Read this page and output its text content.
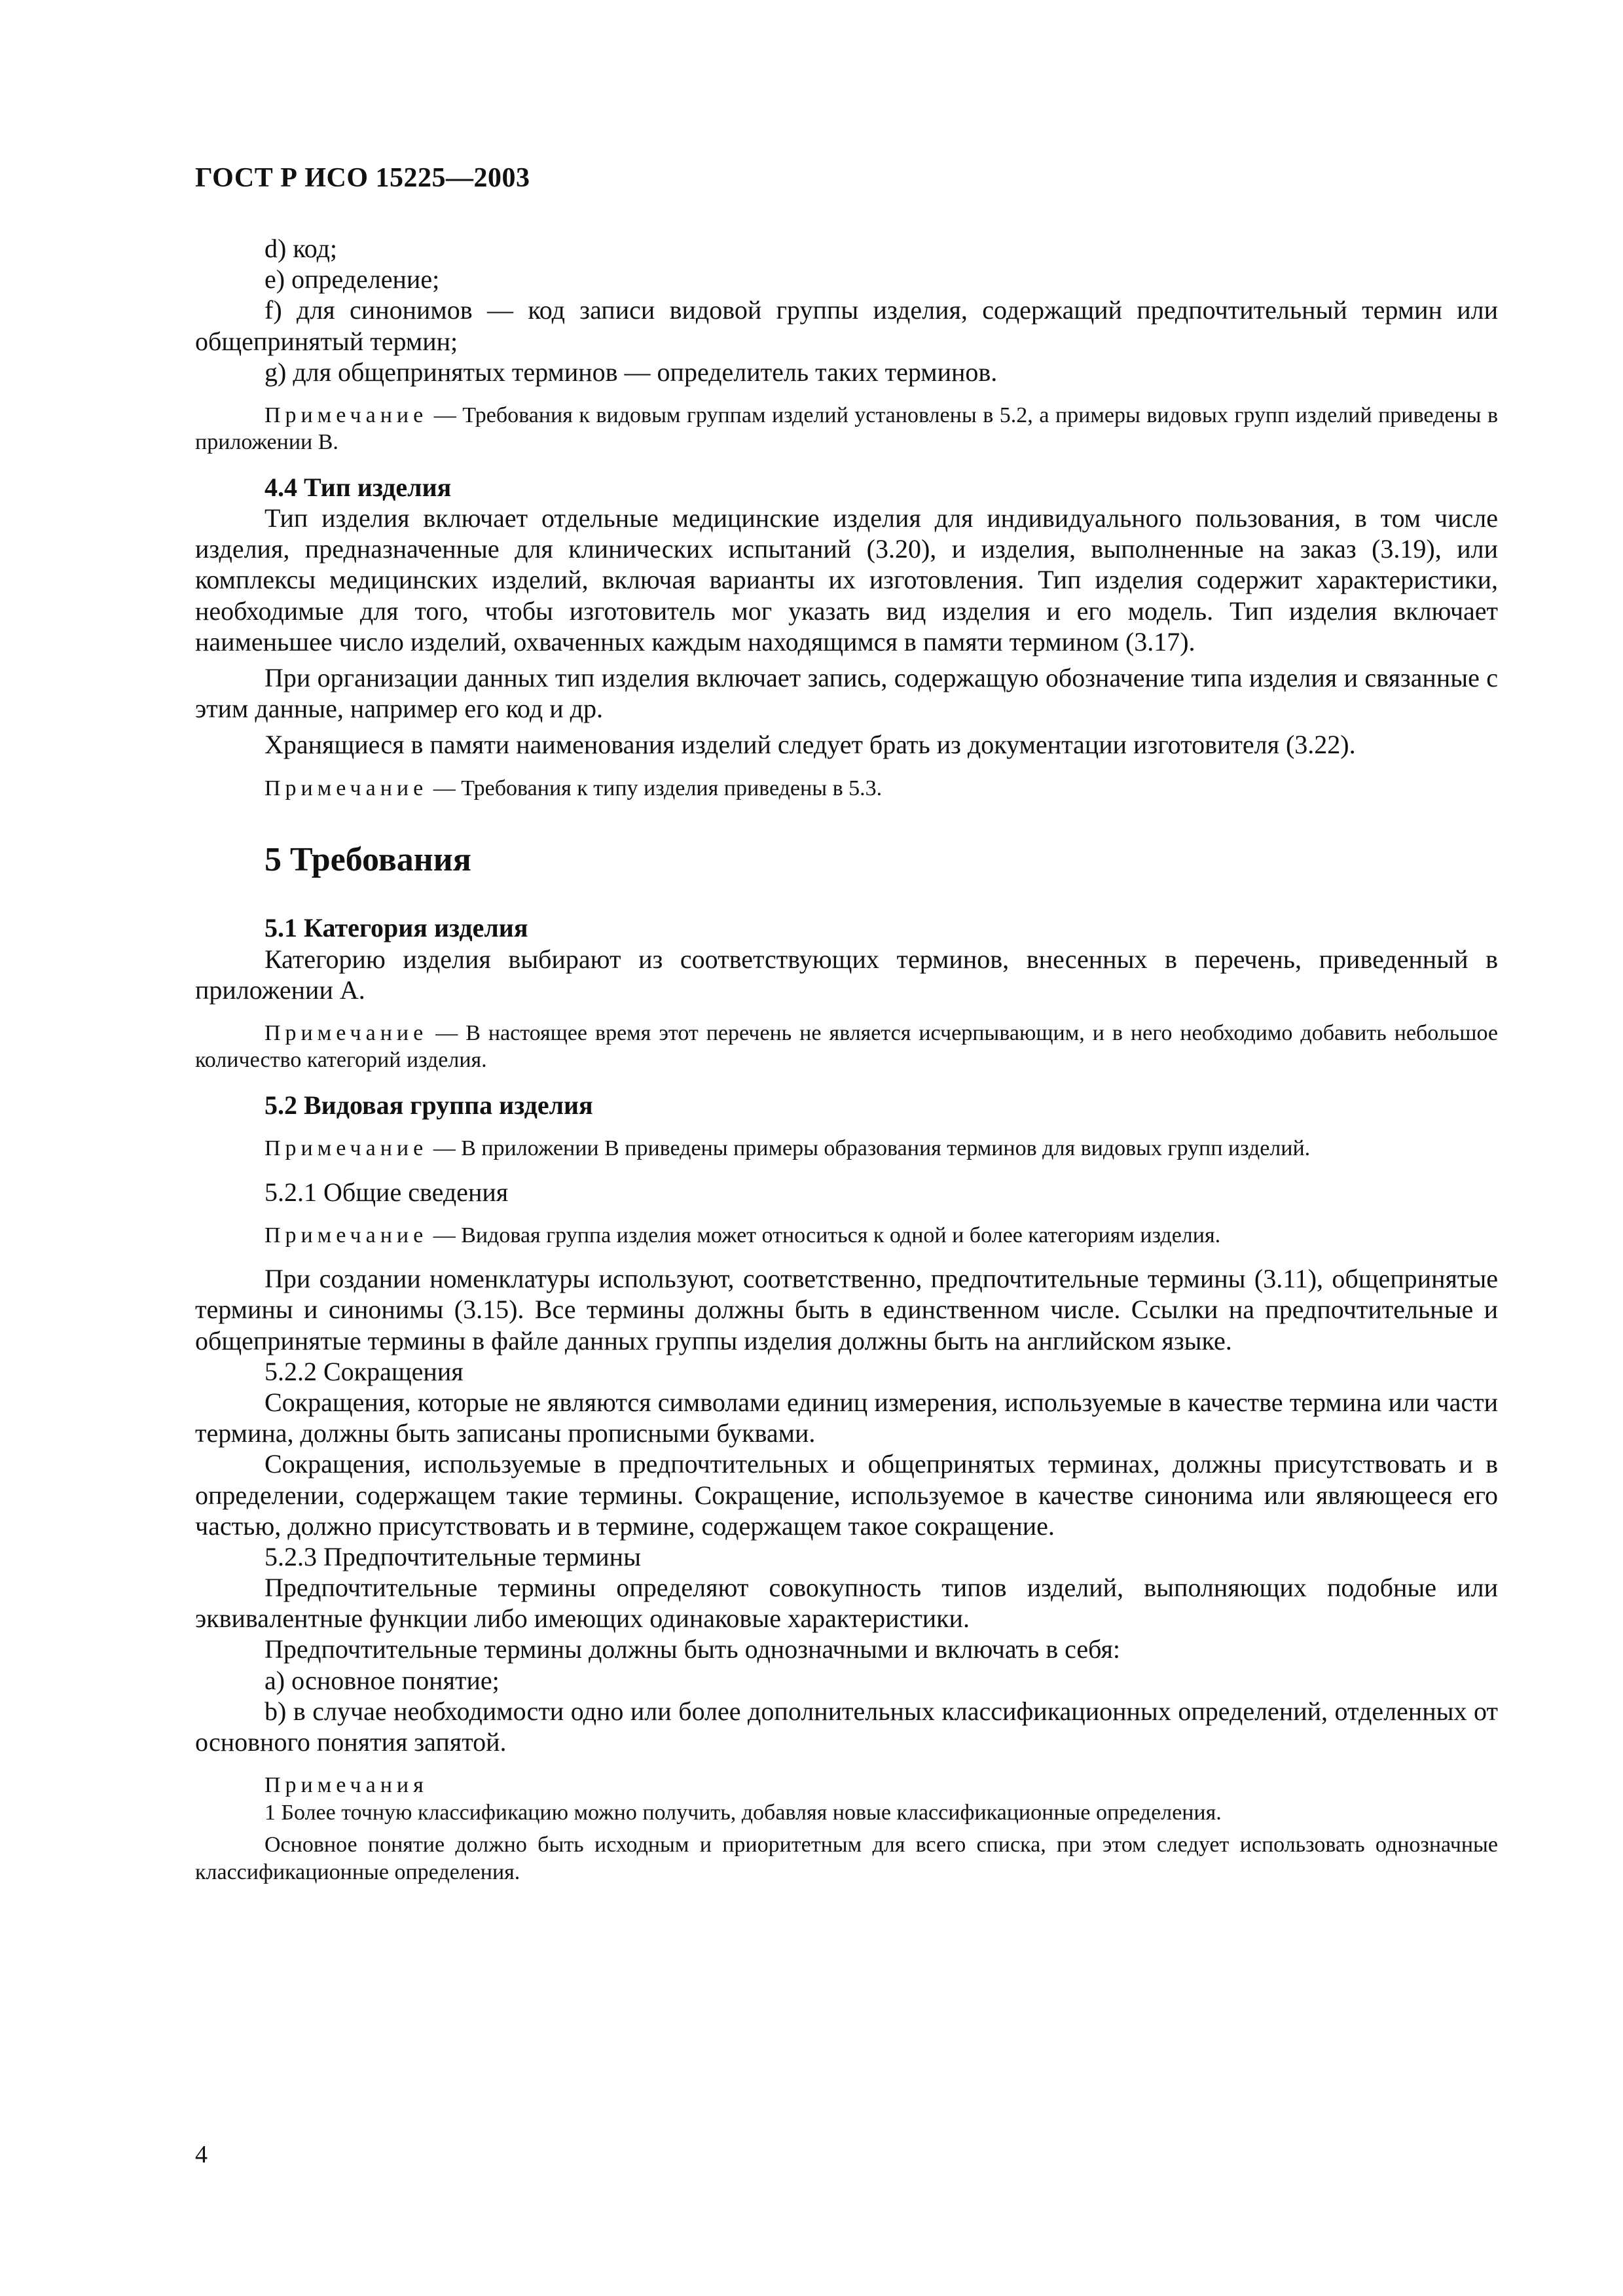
ГОСТ Р ИСО 15225—2003

d) код;

e) определение;

f) для синонимов — код записи видовой группы изделия, содержащий предпочтительный термин или общепринятый термин;

g) для общепринятых терминов — определитель таких терминов.

Примечание — Требования к видовым группам изделий установлены в 5.2, а примеры видовых групп изделий приведены в приложении В.

4.4 Тип изделия

Тип изделия включает отдельные медицинские изделия для индивидуального пользования, в том числе изделия, предназначенные для клинических испытаний (3.20), и изделия, выполненные на заказ (3.19), или комплексы медицинских изделий, включая варианты их изготовления. Тип изделия содержит характеристики, необходимые для того, чтобы изготовитель мог указать вид изделия и его модель. Тип изделия включает наименьшее число изделий, охваченных каждым находящимся в памяти термином (3.17).

При организации данных тип изделия включает запись, содержащую обозначение типа изделия и связанные с этим данные, например его код и др.

Хранящиеся в памяти наименования изделий следует брать из документации изготовителя (3.22).

Примечание — Требования к типу изделия приведены в 5.3.

5 Требования

5.1 Категория изделия

Категорию изделия выбирают из соответствующих терминов, внесенных в перечень, приведенный в приложении А.

Примечание — В настоящее время этот перечень не является исчерпывающим, и в него необходимо добавить небольшое количество категорий изделия.

5.2 Видовая группа изделия

Примечание — В приложении В приведены примеры образования терминов для видовых групп изделий.

5.2.1 Общие сведения

Примечание — Видовая группа изделия может относиться к одной и более категориям изделия.

При создании номенклатуры используют, соответственно, предпочтительные термины (3.11), общепринятые термины и синонимы (3.15). Все термины должны быть в единственном числе. Ссылки на предпочтительные и общепринятые термины в файле данных группы изделия должны быть на английском языке.

5.2.2 Сокращения

Сокращения, которые не являются символами единиц измерения, используемые в качестве термина или части термина, должны быть записаны прописными буквами.

Сокращения, используемые в предпочтительных и общепринятых терминах, должны присутствовать и в определении, содержащем такие термины. Сокращение, используемое в качестве синонима или являющееся его частью, должно присутствовать и в термине, содержащем такое сокращение.

5.2.3 Предпочтительные термины

Предпочтительные термины определяют совокупность типов изделий, выполняющих подобные или эквивалентные функции либо имеющих одинаковые характеристики.

Предпочтительные термины должны быть однозначными и включать в себя:

a) основное понятие;

b) в случае необходимости одно или более дополнительных классификационных определений, отделенных от основного понятия запятой.

Примечания

1 Более точную классификацию можно получить, добавляя новые классификационные определения.

Основное понятие должно быть исходным и приоритетным для всего списка, при этом следует использовать однозначные классификационные определения.

4
